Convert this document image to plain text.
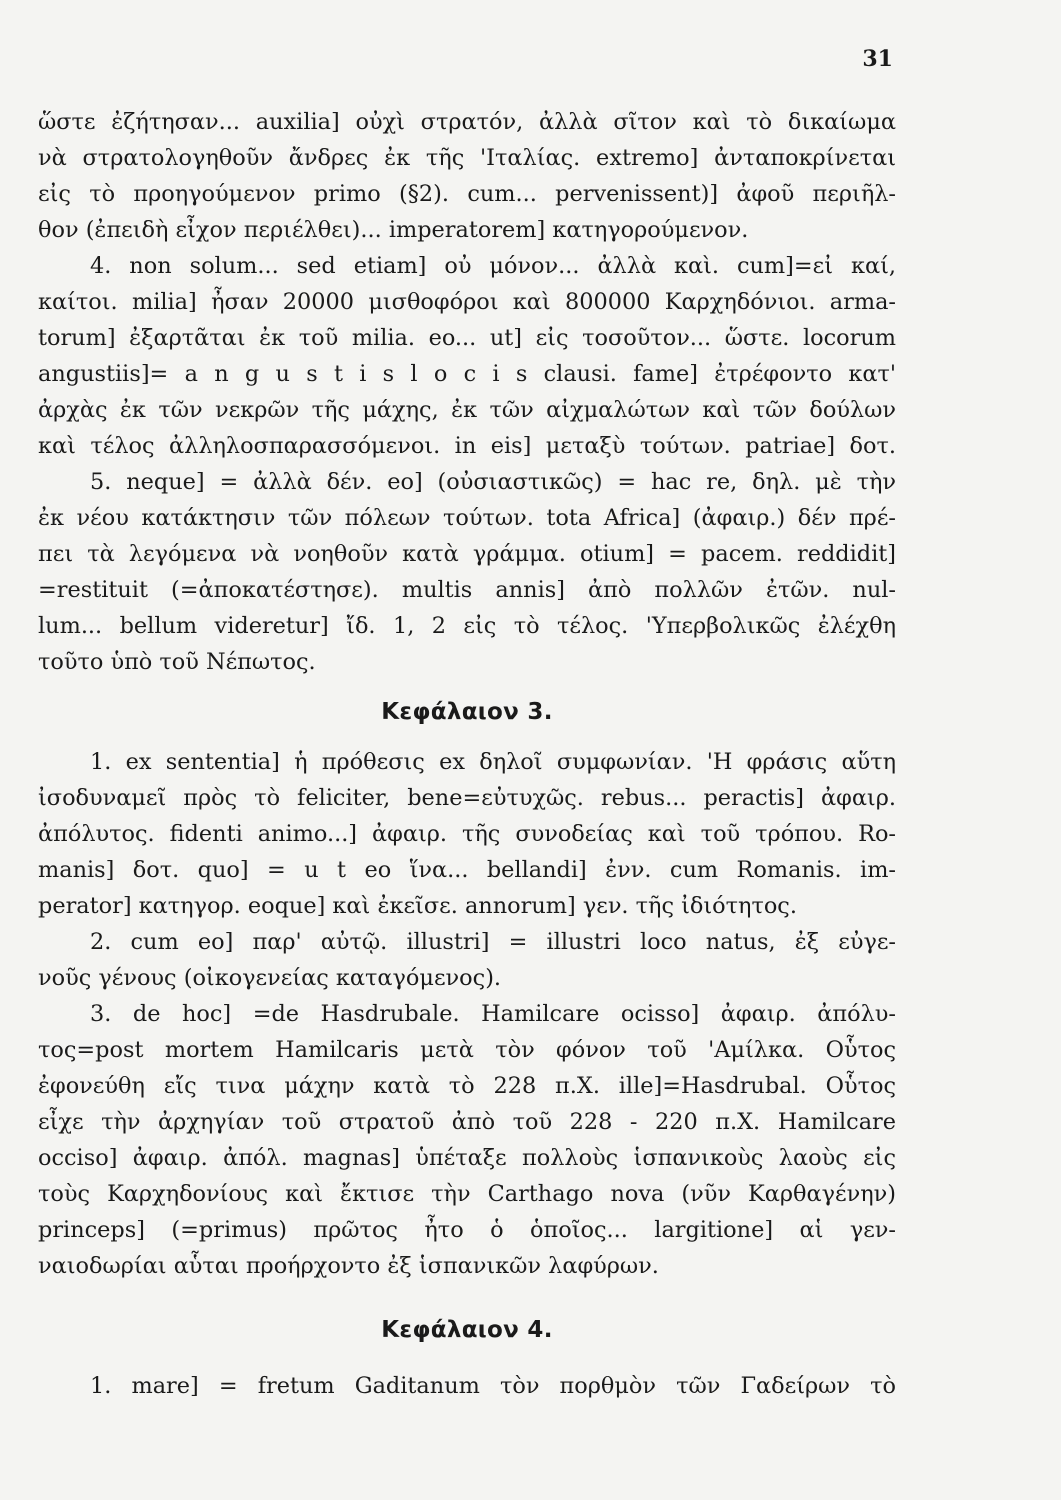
31
ὥστε ἐζήτησαν... auxilia] οὐχὶ στρατόν, ἀλλὰ σῖτον καὶ τὸ δικαίωμα
νὰ στρατολογηθοῦν ἄνδρες ἐκ τῆς 'Ιταλίας. extremo] ἀνταποκρίνεται
εἰς τὸ προηγούμενον primo (§2). cum... pervenissent)] ἀφοῦ περιῆλ-
θον (ἐπειδὴ εἶχον περιέλθει)... imperatorem] κατηγορούμενον.
4. non solum... sed etiam] οὐ μόνον... ἀλλὰ καὶ. cum]=εἰ καί,
καίτοι. milia] ἦσαν 20000 μισθοφόροι καὶ 800000 Καρχηδόνιοι. arma-
torum] ἐξαρτᾶται ἐκ τοῦ milia. eo... ut] εἰς τοσοῦτον... ὥστε. locorum
angustiis]= a n g u s t i s l o c i s clausi. fame] ἐτρέφοντο κατ'
ἀρχὰς ἐκ τῶν νεκρῶν τῆς μάχης, ἐκ τῶν αἰχμαλώτων καὶ τῶν δούλων
καὶ τέλος ἀλληλοσπαρασσόμενοι. in eis] μεταξὺ τούτων. patriae] δοτ.
5. neque] = ἀλλὰ δέν. eo] (οὐσιαστικῶς) = hac re, δηλ. μὲ τὴν
ἐκ νέου κατάκτησιν τῶν πόλεων τούτων. tota Africa] (ἀφαιρ.) δέν πρέ-
πει τὰ λεγόμενα νὰ νοηθοῦν κατὰ γράμμα. otium] = pacem. reddidit]
=restituit (=ἀποκατέστησε). multis annis] ἀπὸ πολλῶν ἐτῶν. nul-
lum... bellum videretur] ἴδ. 1, 2 εἰς τὸ τέλος. 'Υπερβολικῶς ἐλέχθη
τοῦτο ὑπὸ τοῦ Νέπωτος.
Κεφάλαιον 3.
1. ex sententia] ἡ πρόθεσις ex δηλοῖ συμφωνίαν. 'Η φράσις αὕτη
ἰσοδυναμεῖ πρὸς τὸ feliciter, bene=εὐτυχῶς. rebus... peractis] ἀφαιρ.
ἀπόλυτος. fidenti animo...] ἀφαιρ. τῆς συνοδείας καὶ τοῦ τρόπου. Ro-
manis] δοτ. quo] = u t eo ἵνα... bellandi] ἐνν. cum Romanis. im-
perator] κατηγορ. eoque] καὶ ἐκεῖσε. annorum] γεν. τῆς ἰδιότητος.
2. cum eo] παρ' αὐτῷ. illustri] = illustri loco natus, ἐξ εὐγε-
νοῦς γένους (οἰκογενείας καταγόμενος).
3. de hoc] =de Hasdrubale. Hamilcare ocisso] ἀφαιρ. ἀπόλυ-
τος=post mortem Hamilcaris μετὰ τὸν φόνον τοῦ 'Αμίλκα. Οὗτος
ἐφονεύθη εἴς τινα μάχην κατὰ τὸ 228 π.Χ. ille]=Hasdrubal. Οὗτος
εἶχε τὴν ἀρχηγίαν τοῦ στρατοῦ ἀπὸ τοῦ 228 - 220 π.Χ. Hamilcare
occiso] ἀφαιρ. ἀπόλ. magnas] ὑπέταξε πολλοὺς ἱσπανικοὺς λαοὺς εἰς
τοὺς Καρχηδονίους καὶ ἔκτισε τὴν Carthago nova (νῦν Καρθαγένην)
princeps] (=primus) πρῶτος ἦτο ὁ ὁποῖος... largitione] αἱ γεν-
ναιοδωρίαι αὗται προήρχοντο ἐξ ἱσπανικῶν λαφύρων.
Κεφάλαιον 4.
1. mare] = fretum Gaditanum τὸν πορθμὸν τῶν Γαδείρων τὸ
